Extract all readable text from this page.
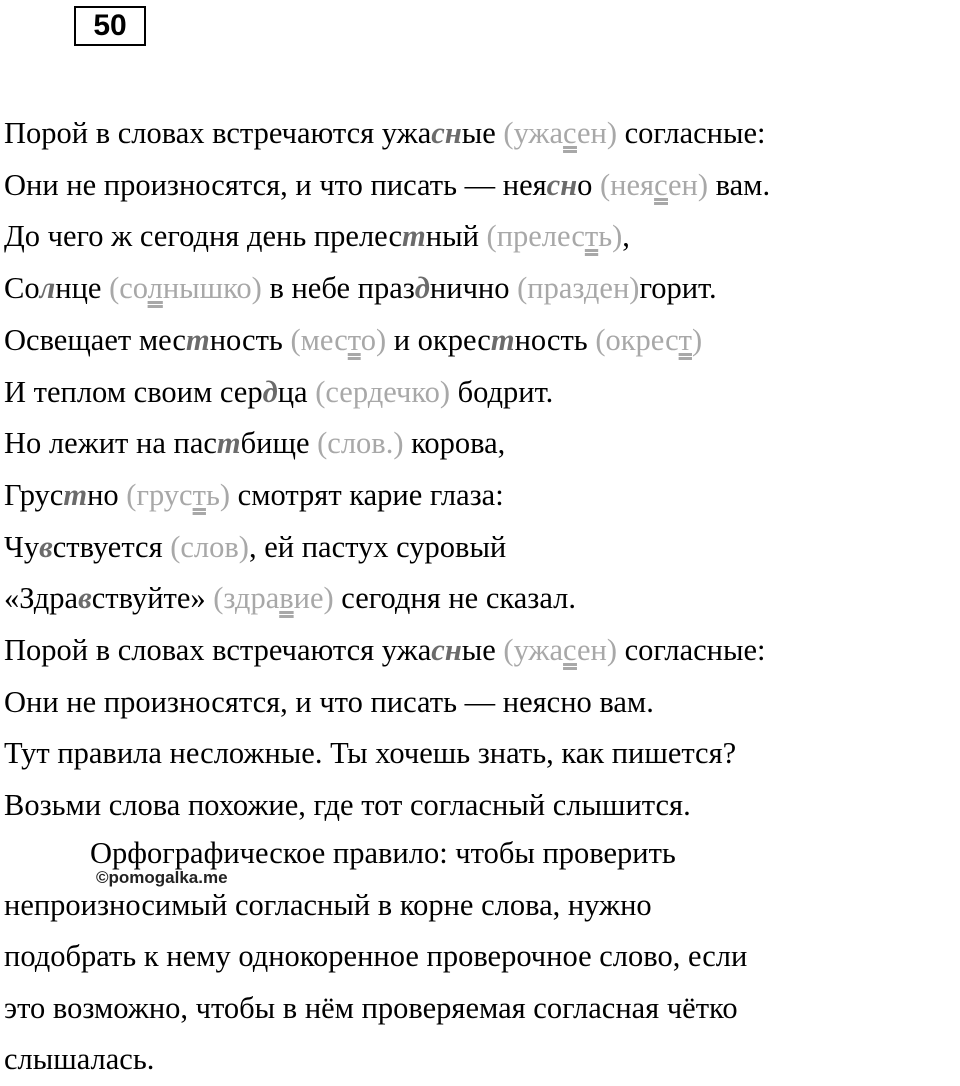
50
Порой в словах встречаются ужасные (ужасен) согласные:
Они не произносятся, и что писать — неясно (неясен) вам.
До чего ж сегодня день прелестный (прелесть),
Солнце (солнышко) в небе празднично (празден)горит.
Освещает местность (место) и окрестность (окрест)
И теплом своим сердца (сердечко) бодрит.
Но лежит на пастбище (слов.) корова,
Грустно (грусть) смотрят карие глаза:
Чувствуется (слов), ей пастух суровый
«Здравствуйте» (здравие) сегодня не сказал.
Порой в словах встречаются ужасные (ужасен) согласные:
Они не произносятся, и что писать — неясно вам.
Тут правила несложные. Ты хочешь знать, как пишется?
Возьми слова похожие, где тот согласный слышится.
Орфографическое правило: чтобы проверить
непроизносимый согласный в корне слова, нужно
подобрать к нему однокоренное проверочное слово, если
это возможно, чтобы в нём проверяемая согласная чётко
слышалась.
©pomogalka.me
